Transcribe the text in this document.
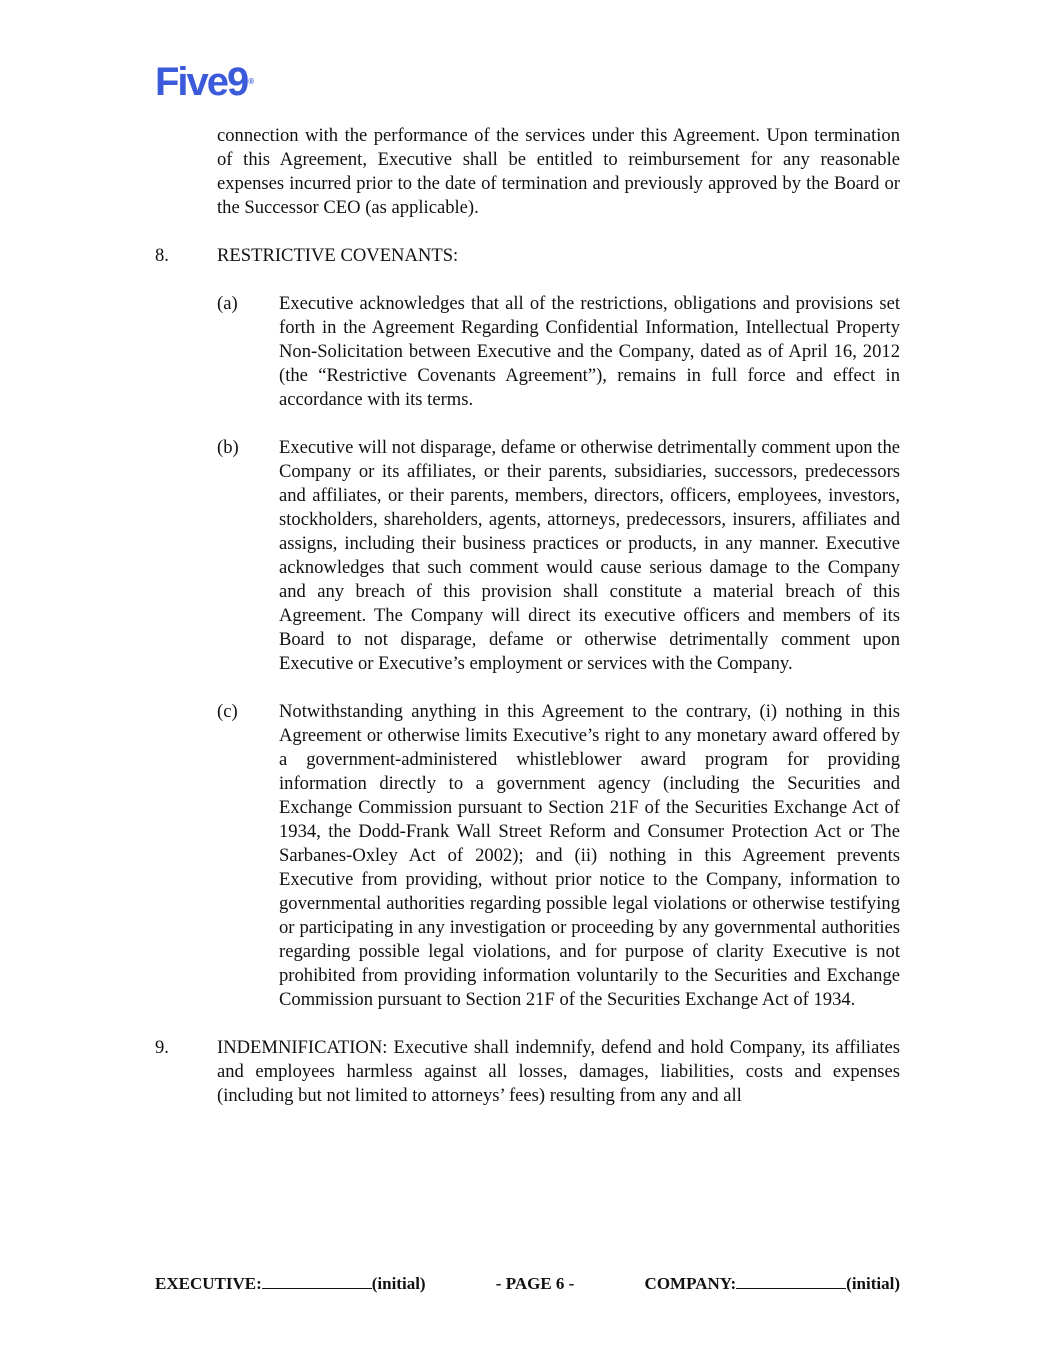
Five9®
connection with the performance of the services under this Agreement. Upon termination of this Agreement, Executive shall be entitled to reimbursement for any reasonable expenses incurred prior to the date of termination and previously approved by the Board or the Successor CEO (as applicable).
8.	RESTRICTIVE COVENANTS:
(a)	Executive acknowledges that all of the restrictions, obligations and provisions set forth in the Agreement Regarding Confidential Information, Intellectual Property Non-Solicitation between Executive and the Company, dated as of April 16, 2012 (the “Restrictive Covenants Agreement”), remains in full force and effect in accordance with its terms.
(b)	Executive will not disparage, defame or otherwise detrimentally comment upon the Company or its affiliates, or their parents, subsidiaries, successors, predecessors and affiliates, or their parents, members, directors, officers, employees, investors, stockholders, shareholders, agents, attorneys, predecessors, insurers, affiliates and assigns, including their business practices or products, in any manner. Executive acknowledges that such comment would cause serious damage to the Company and any breach of this provision shall constitute a material breach of this Agreement. The Company will direct its executive officers and members of its Board to not disparage, defame or otherwise detrimentally comment upon Executive or Executive’s employment or services with the Company.
(c)	Notwithstanding anything in this Agreement to the contrary, (i) nothing in this Agreement or otherwise limits Executive’s right to any monetary award offered by a government-administered whistleblower award program for providing information directly to a government agency (including the Securities and Exchange Commission pursuant to Section 21F of the Securities Exchange Act of 1934, the Dodd-Frank Wall Street Reform and Consumer Protection Act or The Sarbanes-Oxley Act of 2002); and (ii) nothing in this Agreement prevents Executive from providing, without prior notice to the Company, information to governmental authorities regarding possible legal violations or otherwise testifying or participating in any investigation or proceeding by any governmental authorities regarding possible legal violations, and for purpose of clarity Executive is not prohibited from providing information voluntarily to the Securities and Exchange Commission pursuant to Section 21F of the Securities Exchange Act of 1934.
9.	INDEMNIFICATION: Executive shall indemnify, defend and hold Company, its affiliates and employees harmless against all losses, damages, liabilities, costs and expenses (including but not limited to attorneys’ fees) resulting from any and all
EXECUTIVE:	(initial)	- PAGE 6 -	COMPANY:	(initial)
